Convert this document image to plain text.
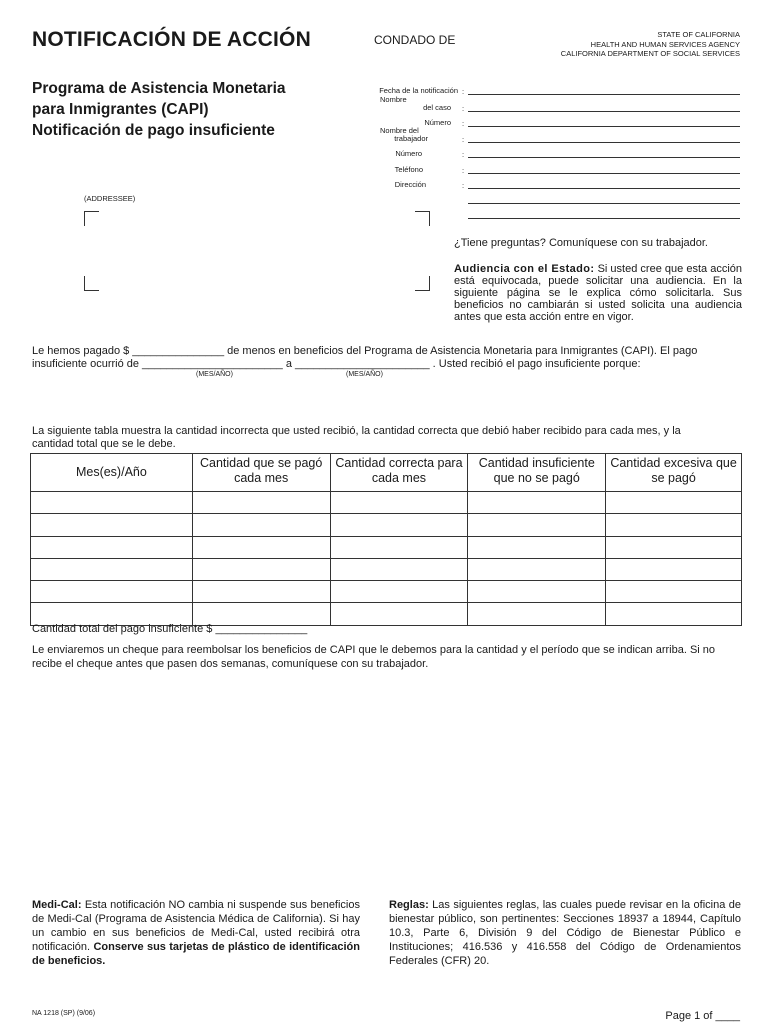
NOTIFICACIÓN DE ACCIÓN	CONDADO DE	STATE OF CALIFORNIA
HEALTH AND HUMAN SERVICES AGENCY
CALIFORNIA DEPARTMENT OF SOCIAL SERVICES
Programa de Asistencia Monetaria
para Inmigrantes (CAPI)
Notificación de pago insuficiente
Fecha de la notificación :
Nombre
del caso :
Número :
Nombre del
trabajador	:
Número	:
Teléfono	:
Dirección	:
(ADDRESSEE)
¿Tiene preguntas? Comuníquese con su trabajador.
Audiencia con el Estado: Si usted cree que esta acción está equivocada, puede solicitar una audiencia. En la siguiente página se le explica cómo solicitarla. Sus beneficios no cambiarán si usted solicita una audiencia antes que esta acción entre en vigor.
Le hemos pagado $ _______________ de menos en beneficios del Programa de Asistencia Monetaria para Inmigrantes (CAPI). El pago
insuficiente ocurrió de _______________________ a ______________________ . Usted recibió el pago insuficiente porque:
(MES/AÑO)	(MES/AÑO)
La siguiente tabla muestra la cantidad incorrecta que usted recibió, la cantidad correcta que debió haber recibido para cada mes, y la cantidad total que se le debe.
Mes(es)/Año	Cantidad que se pagó cada mes	Cantidad correcta para cada mes	Cantidad insuficiente que no se pagó	Cantidad excesiva que se pagó

Cantidad total del pago insuficiente $ _______________
Le enviaremos un cheque para reembolsar los beneficios de CAPI que le debemos para la cantidad y el período que se indican arriba. Si no recibe el cheque antes que pasen dos semanas, comuníquese con su trabajador.
Medi-Cal: Esta notificación NO cambia ni suspende sus beneficios de Medi-Cal (Programa de Asistencia Médica de California). Si hay un cambio en sus beneficios de Medi-Cal, usted recibirá otra notificación. Conserve sus tarjetas de plástico de identificación de beneficios.
Reglas: Las siguientes reglas, las cuales puede revisar en la oficina de bienestar público, son pertinentes: Secciones 18937 a 18944, Capítulo 10.3, Parte 6, División 9 del Código de Bienestar Público e Instituciones; 416.536 y 416.558 del Código de Ordenamientos Federales (CFR) 20.
NA 1218 (SP) (9/06)	Page 1 of ____
